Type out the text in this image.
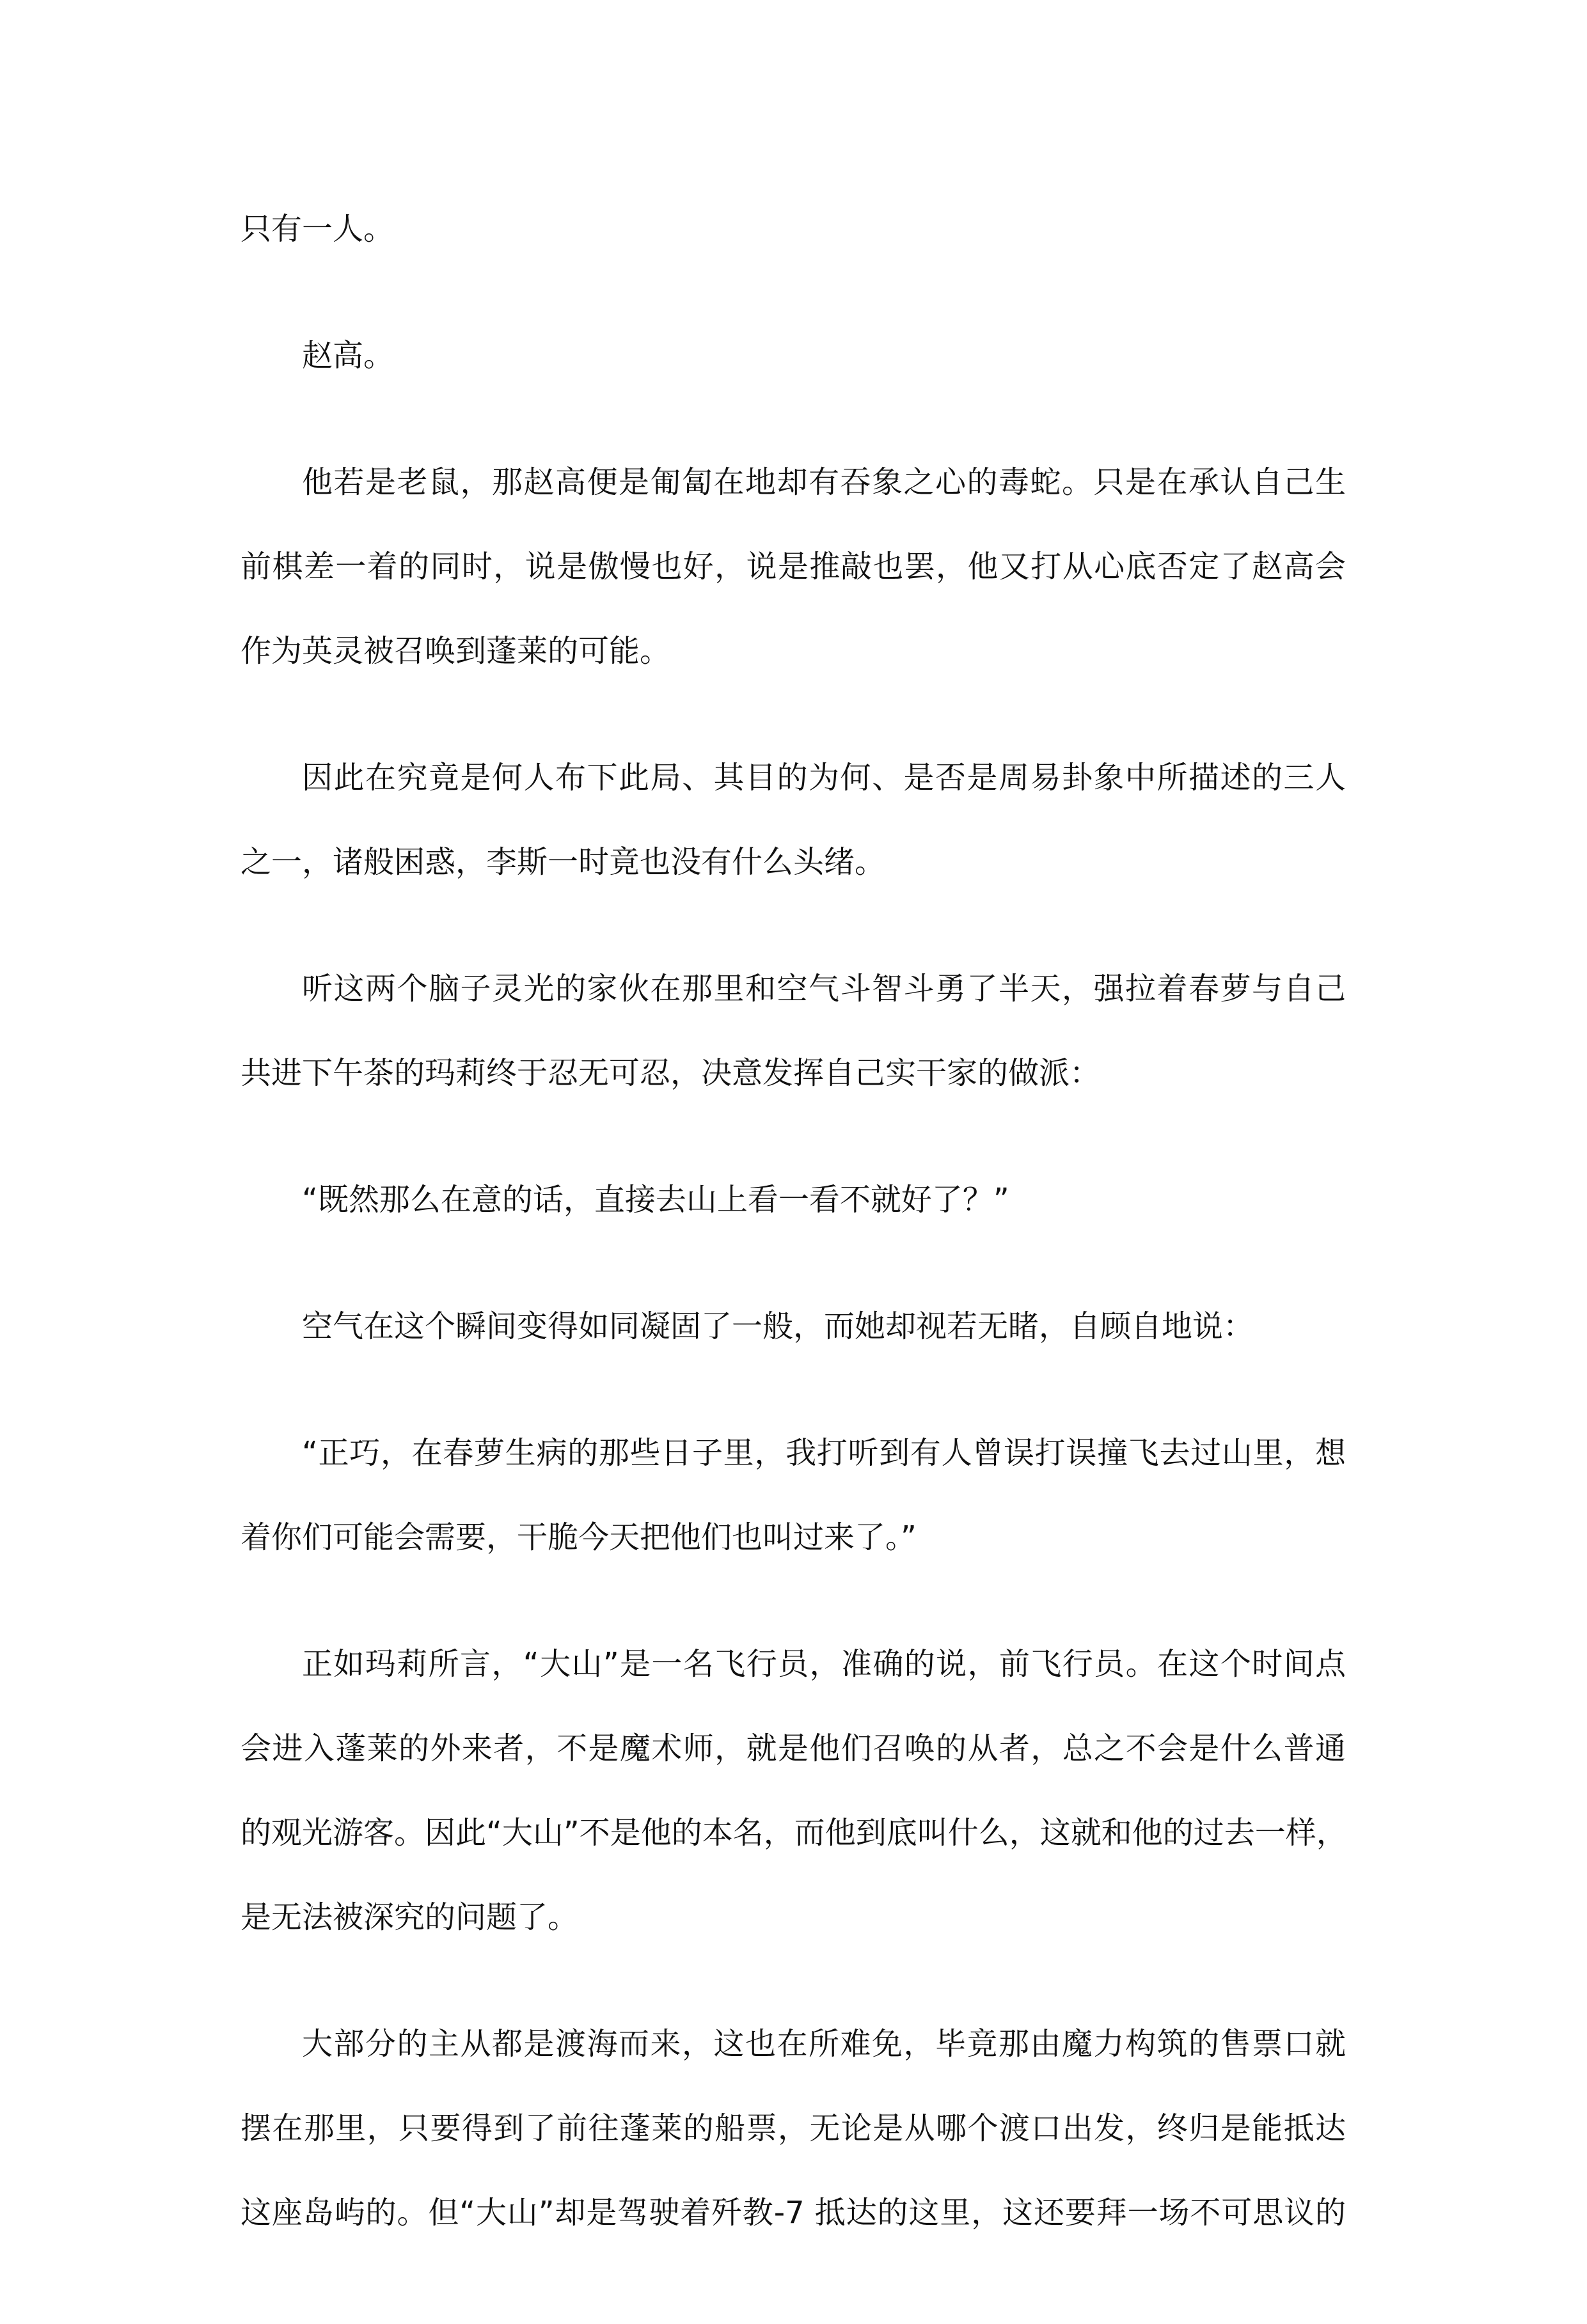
只有一人。
赵高。
他若是老鼠，那赵高便是匍匐在地却有吞象之心的毒蛇。只是在承认自己生
前棋差一着的同时，说是傲慢也好，说是推敲也罢，他又打从心底否定了赵高会
作为英灵被召唤到蓬莱的可能。
因此在究竟是何人布下此局、其目的为何、是否是周易卦象中所描述的三人
之一，诸般困惑，李斯一时竟也没有什么头绪。
听这两个脑子灵光的家伙在那里和空气斗智斗勇了半天，强拉着春萝与自己
共进下午茶的玛莉终于忍无可忍，决意发挥自己实干家的做派：
“既然那么在意的话，直接去山上看一看不就好了？”
空气在这个瞬间变得如同凝固了一般，而她却视若无睹，自顾自地说：
“正巧，在春萝生病的那些日子里，我打听到有人曾误打误撞飞去过山里，想
着你们可能会需要，干脆今天把他们也叫过来了。”
正如玛莉所言，“大山”是一名飞行员，准确的说，前飞行员。在这个时间点
会进入蓬莱的外来者，不是魔术师，就是他们召唤的从者，总之不会是什么普通
的观光游客。因此“大山”不是他的本名，而他到底叫什么，这就和他的过去一样，
是无法被深究的问题了。
大部分的主从都是渡海而来，这也在所难免，毕竟那由魔力构筑的售票口就
摆在那里，只要得到了前往蓬莱的船票，无论是从哪个渡口出发，终归是能抵达
这座岛屿的。但“大山”却是驾驶着歼教-7 抵达的这里，这还要拜一场不可思议的
